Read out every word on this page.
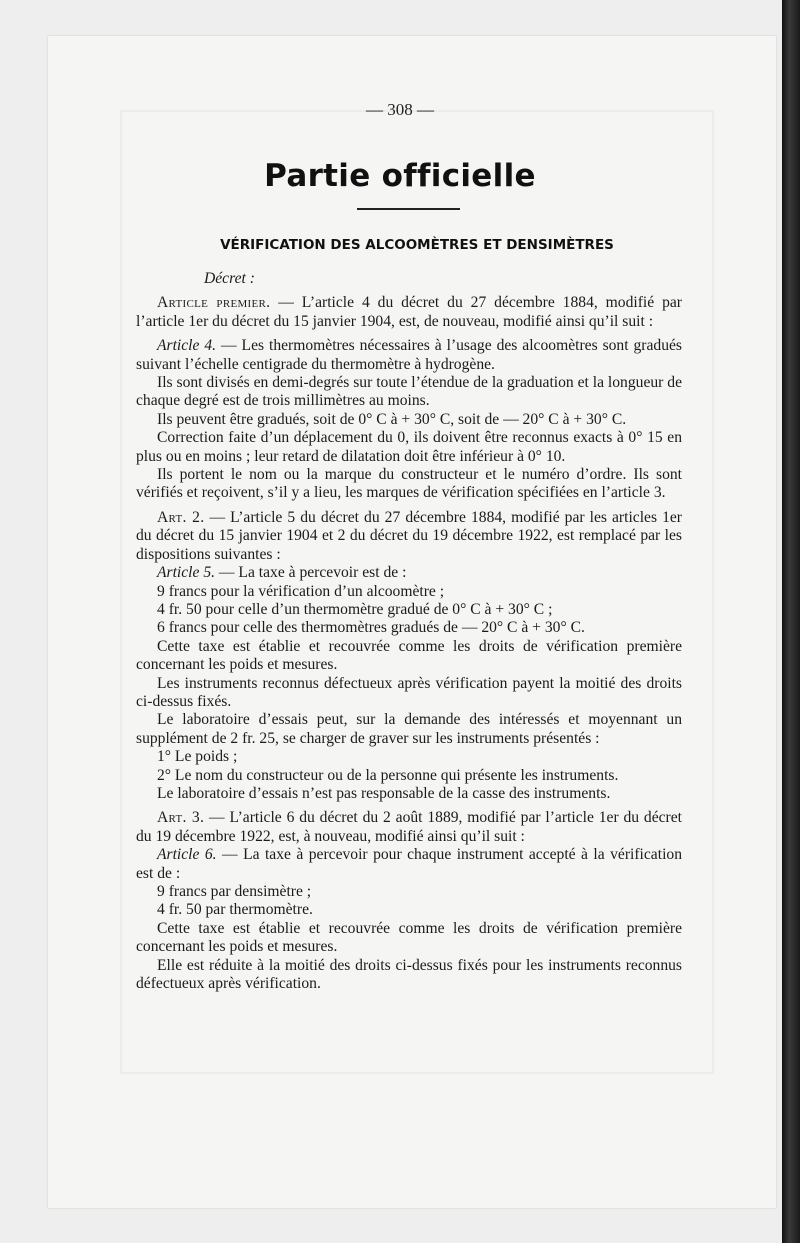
— 308 —
Partie officielle
VÉRIFICATION DES ALCOOMÈTRES ET DENSIMÈTRES

Décret :

Article premier. — L’article 4 du décret du 27 décembre 1884, modifié par l’article 1er du décret du 15 janvier 1904, est, de nouveau, modifié ainsi qu’il suit :

Article 4. — Les thermomètres nécessaires à l’usage des alcoomètres sont gradués suivant l’échelle centigrade du thermomètre à hydrogène.

Ils sont divisés en demi-degrés sur toute l’étendue de la graduation et la longueur de chaque degré est de trois millimètres au moins.

Ils peuvent être gradués, soit de 0° C à + 30° C, soit de — 20° C à + 30° C.

Correction faite d’un déplacement du 0, ils doivent être reconnus exacts à 0° 15 en plus ou en moins ; leur retard de dilatation doit être inférieur à 0° 10.

Ils portent le nom ou la marque du constructeur et le numéro d’ordre. Ils sont vérifiés et reçoivent, s’il y a lieu, les marques de vérification spécifiées en l’article 3.

Art. 2. — L’article 5 du décret du 27 décembre 1884, modifié par les articles 1er du décret du 15 janvier 1904 et 2 du décret du 19 décembre 1922, est remplacé par les dispositions suivantes :

Article 5. — La taxe à percevoir est de :

9 francs pour la vérification d’un alcoomètre ;

4 fr. 50 pour celle d’un thermomètre gradué de 0° C à + 30° C ;

6 francs pour celle des thermomètres gradués de — 20° C à + 30° C.

Cette taxe est établie et recouvrée comme les droits de vérification première concernant les poids et mesures.

Les instruments reconnus défectueux après vérification payent la moitié des droits ci-dessus fixés.

Le laboratoire d’essais peut, sur la demande des intéressés et moyennant un supplément de 2 fr. 25, se charger de graver sur les instruments présentés :

1° Le poids ;

2° Le nom du constructeur ou de la personne qui présente les instruments.

Le laboratoire d’essais n’est pas responsable de la casse des instruments.

Art. 3. — L’article 6 du décret du 2 août 1889, modifié par l’article 1er du décret du 19 décembre 1922, est, à nouveau, modifié ainsi qu’il suit :

Article 6. — La taxe à percevoir pour chaque instrument accepté à la vérification est de :

9 francs par densimètre ;

4 fr. 50 par thermomètre.

Cette taxe est établie et recouvrée comme les droits de vérification première concernant les poids et mesures.

Elle est réduite à la moitié des droits ci-dessus fixés pour les instruments reconnus défectueux après vérification.
